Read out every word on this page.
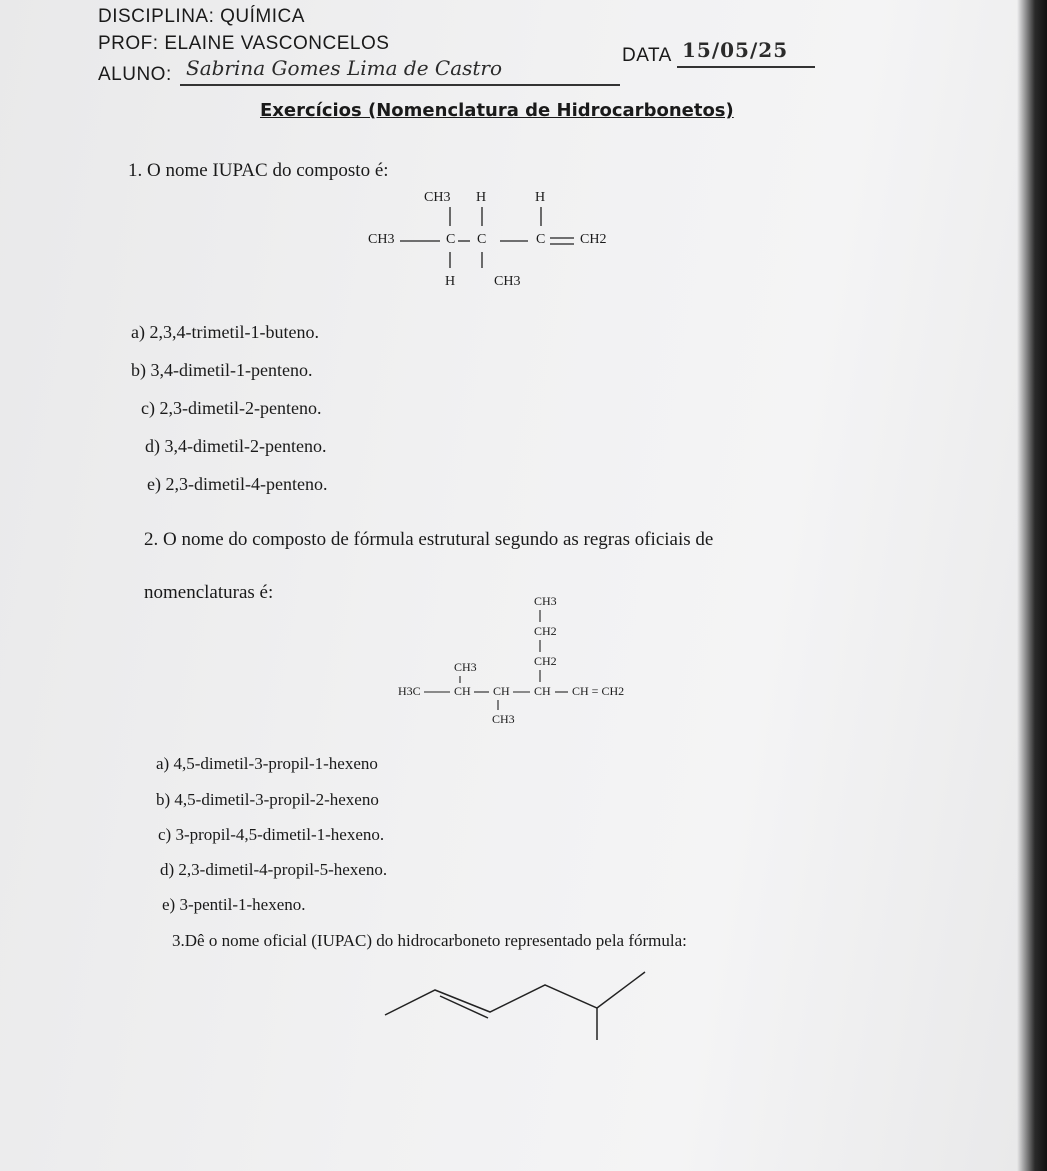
DISCIPLINA: QUÍMICA
PROF: ELAINE VASCONCELOS
ALUNO: Sabrina Gomes Lima de Castro
DATA 15/05/25
Exercícios (Nomenclatura de Hidrocarbonetos)
1. O nome IUPAC do composto é:
CH3 H	H
CH3	C C	C CH2
H	CH3
a) 2,3,4-trimetil-1-buteno.
b) 3,4-dimetil-1-penteno.
c) 2,3-dimetil-2-penteno.
d) 3,4-dimetil-2-penteno.
e) 2,3-dimetil-4-penteno.
2. O nome do composto de fórmula estrutural segundo as regras oficiais de
nomenclaturas é:	CH3
CH2
CH2
CH3
H3C	CH CH CH CH = CH2
CH3
a) 4,5-dimetil-3-propil-1-hexeno
b) 4,5-dimetil-3-propil-2-hexeno
c) 3-propil-4,5-dimetil-1-hexeno.
d) 2,3-dimetil-4-propil-5-hexeno.
e) 3-pentil-1-hexeno.
3.Dê o nome oficial (IUPAC) do hidrocarboneto representado pela fórmula:
